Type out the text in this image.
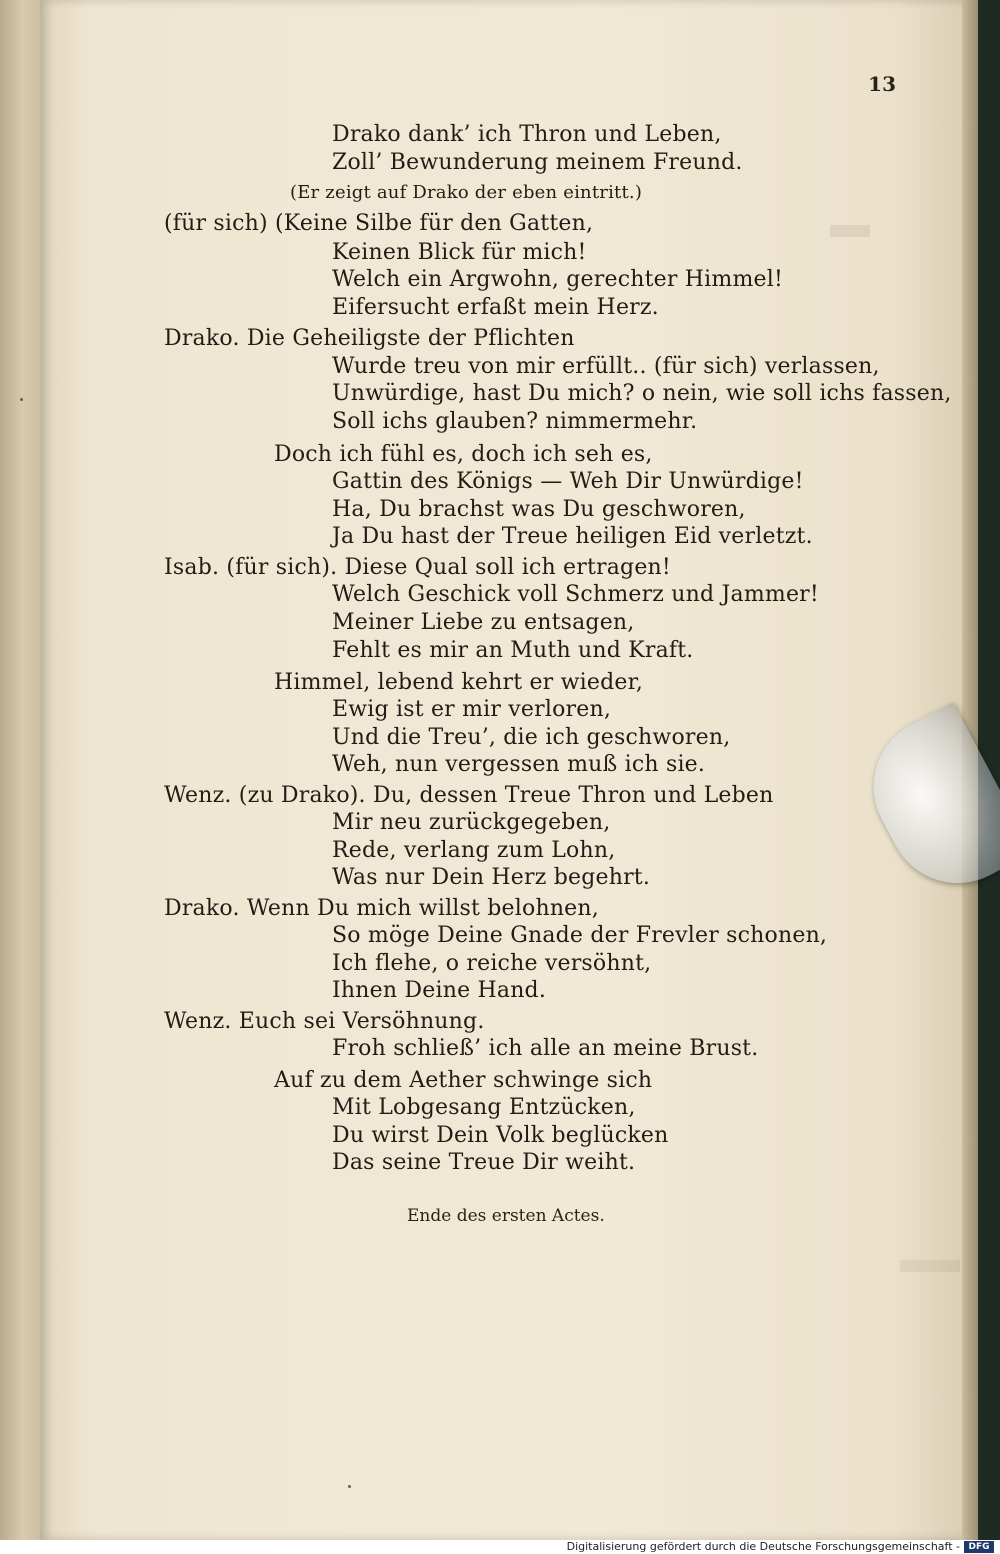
13
Drako dank’ ich Thron und Leben,
Zoll’ Bewunderung meinem Freund.
(Er zeigt auf Drako der eben eintritt.)
(für sich) (Keine Silbe für den Gatten,
Keinen Blick für mich!
Welch ein Argwohn, gerechter Himmel!
Eifersucht erfaßt mein Herz.
Drako. Die Geheiligste der Pflichten
Wurde treu von mir erfüllt.. (für sich) verlassen,
Unwürdige, hast Du mich? o nein, wie soll ichs fassen,
Soll ichs glauben? nimmermehr.
Doch ich fühl es, doch ich seh es,
Gattin des Königs — Weh Dir Unwürdige!
Ha, Du brachst was Du geschworen,
Ja Du hast der Treue heiligen Eid verletzt.
Isab. (für sich). Diese Qual soll ich ertragen!
Welch Geschick voll Schmerz und Jammer!
Meiner Liebe zu entsagen,
Fehlt es mir an Muth und Kraft.
Himmel, lebend kehrt er wieder,
Ewig ist er mir verloren,
Und die Treu’, die ich geschworen,
Weh, nun vergessen muß ich sie.
Wenz. (zu Drako). Du, dessen Treue Thron und Leben
Mir neu zurückgegeben,
Rede, verlang zum Lohn,
Was nur Dein Herz begehrt.
Drako. Wenn Du mich willst belohnen,
So möge Deine Gnade der Frevler schonen,
Ich flehe, o reiche versöhnt,
Ihnen Deine Hand.
Wenz. Euch sei Versöhnung.
Froh schließ’ ich alle an meine Brust.
Auf zu dem Aether schwinge sich
Mit Lobgesang Entzücken,
Du wirst Dein Volk beglücken
Das seine Treue Dir weiht.
Ende des ersten Actes.
Digitalisierung gefördert durch die Deutsche Forschungsgemeinschaft - DFG
